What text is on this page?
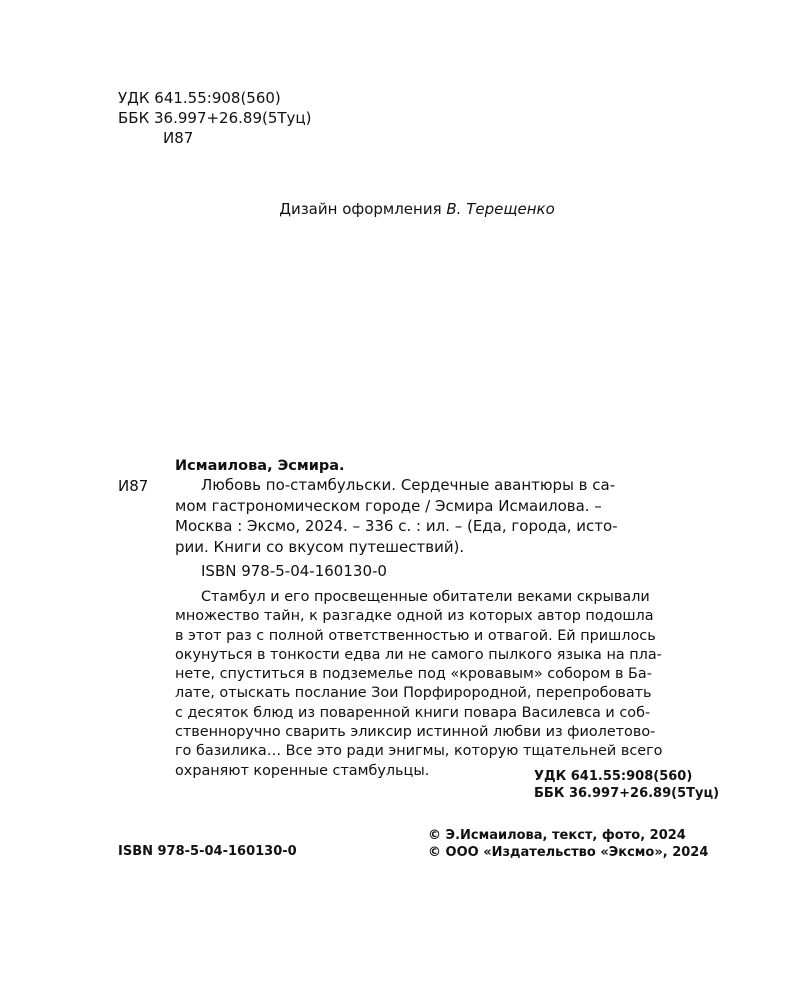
УДК 641.55:908(560)
ББК 36.997+26.89(5Туц)
И87
Дизайн оформления В. Терещенко
Исмаилова, Эсмира.
И87	Любовь по-стамбульски. Сердечные авантюры в са-
мом гастрономическом городе / Эсмира Исмаилова. –
Москва : Эксмо, 2024. – 336 с. : ил. – (Еда, города, исто-
рии. Книги со вкусом путешествий).
ISBN 978-5-04-160130-0
Стамбул и его просвещенные обитатели веками скрывали
множество тайн, к разгадке одной из которых автор подошла
в этот раз с полной ответственностью и отвагой. Ей пришлось
окунуться в тонкости едва ли не самого пылкого языка на пла-
нете, спуститься в подземелье под «кровавым» собором в Ба-
лате, отыскать послание Зои Порфирородной, перепробовать
с десяток блюд из поваренной книги повара Василевса и соб-
ственноручно сварить эликсир истинной любви из фиолетово-
го базилика… Все это ради энигмы, которую тщательней всего
охраняют коренные стамбульцы.	УДК 641.55:908(560)
ББК 36.997+26.89(5Туц)
ISBN 978-5-04-160130-0
© Э.Исмаилова, текст, фото, 2024
© ООО «Издательство «Эксмо», 2024
